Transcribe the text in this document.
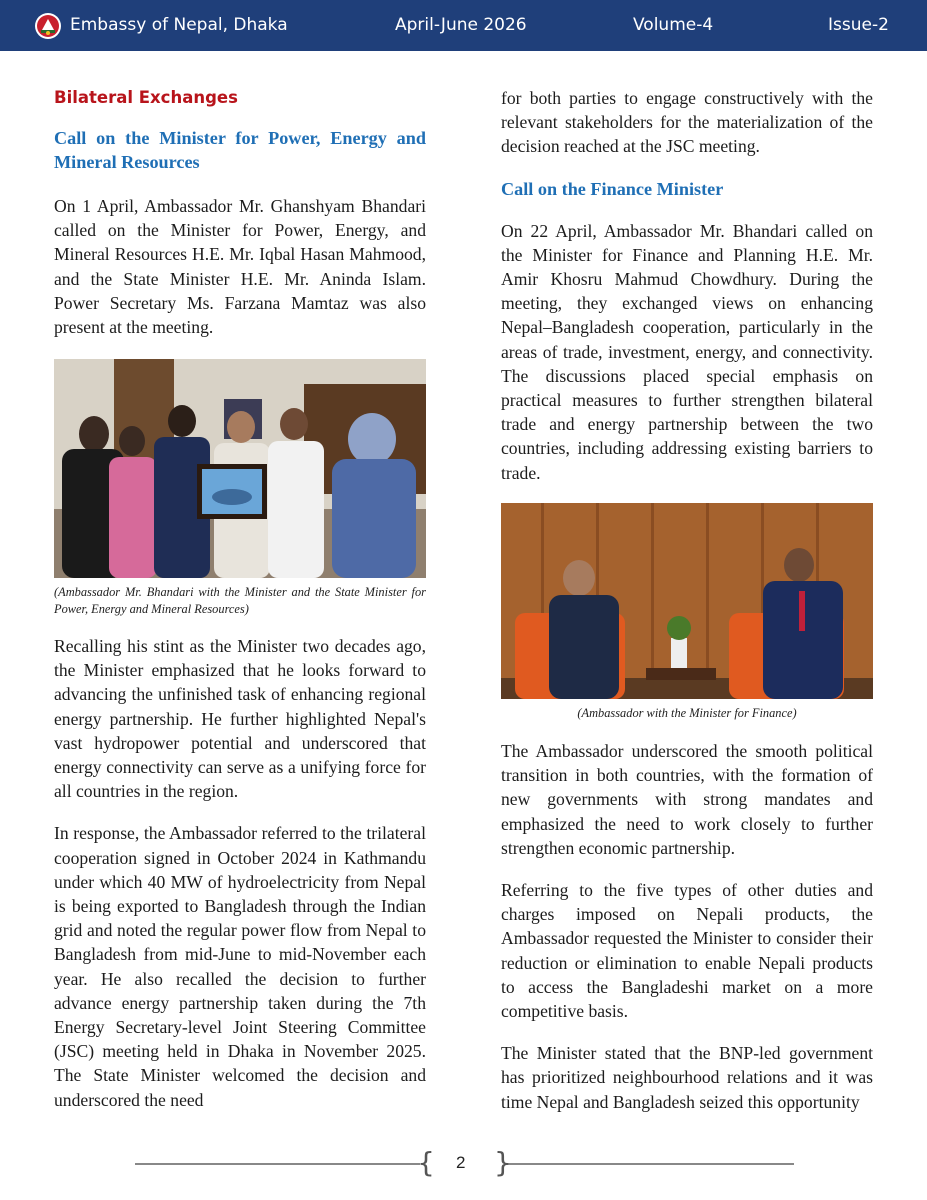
Embassy of Nepal, Dhaka	April-June 2026	Volume-4	Issue-2
Bilateral Exchanges
Call on the Minister for Power, Energy and Mineral Resources

On 1 April, Ambassador Mr. Ghanshyam Bhandari called on the Minister for Power, Energy, and Mineral Resources H.E. Mr. Iqbal Hasan Mahmood, and the State Minister H.E. Mr. Aninda Islam. Power Secretary Ms. Farzana Mamtaz was also present at the meeting.

(Ambassador Mr. Bhandari with the Minister and the State Minister for Power, Energy and Mineral Resources)

Recalling his stint as the Minister two decades ago, the Minister emphasized that he looks forward to advancing the unfinished task of enhancing regional energy partnership. He further highlighted Nepal's vast hydropower potential and underscored that energy connectivity can serve as a unifying force for all countries in the region.

In response, the Ambassador referred to the trilateral cooperation signed in October 2024 in Kathmandu under which 40 MW of hydroelectricity from Nepal is being exported to Bangladesh through the Indian grid and noted the regular power flow from Nepal to Bangladesh from mid-June to mid-November each year. He also recalled the decision to further advance energy partnership taken during the 7th Energy Secretary-level Joint Steering Committee (JSC) meeting held in Dhaka in November 2025. The State Minister welcomed the decision and underscored the need

for both parties to engage constructively with the relevant stakeholders for the materialization of the decision reached at the JSC meeting.

Call on the Finance Minister

On 22 April, Ambassador Mr. Bhandari called on the Minister for Finance and Planning H.E. Mr. Amir Khosru Mahmud Chowdhury. During the meeting, they exchanged views on enhancing Nepal–Bangladesh cooperation, particularly in the areas of trade, investment, energy, and connectivity. The discussions placed special emphasis on practical measures to further strengthen bilateral trade and energy partnership between the two countries, including addressing existing barriers to trade.

(Ambassador with the Minister for Finance)

The Ambassador underscored the smooth political transition in both countries, with the formation of new governments with strong mandates and emphasized the need to work closely to further strengthen economic partnership.

Referring to the five types of other duties and charges imposed on Nepali products, the Ambassador requested the Minister to consider their reduction or elimination to enable Nepali products to access the Bangladeshi market on a more competitive basis.

The Minister stated that the BNP-led government has prioritized neighbourhood relations and it was time Nepal and Bangladesh seized this opportunity

{ }
2
